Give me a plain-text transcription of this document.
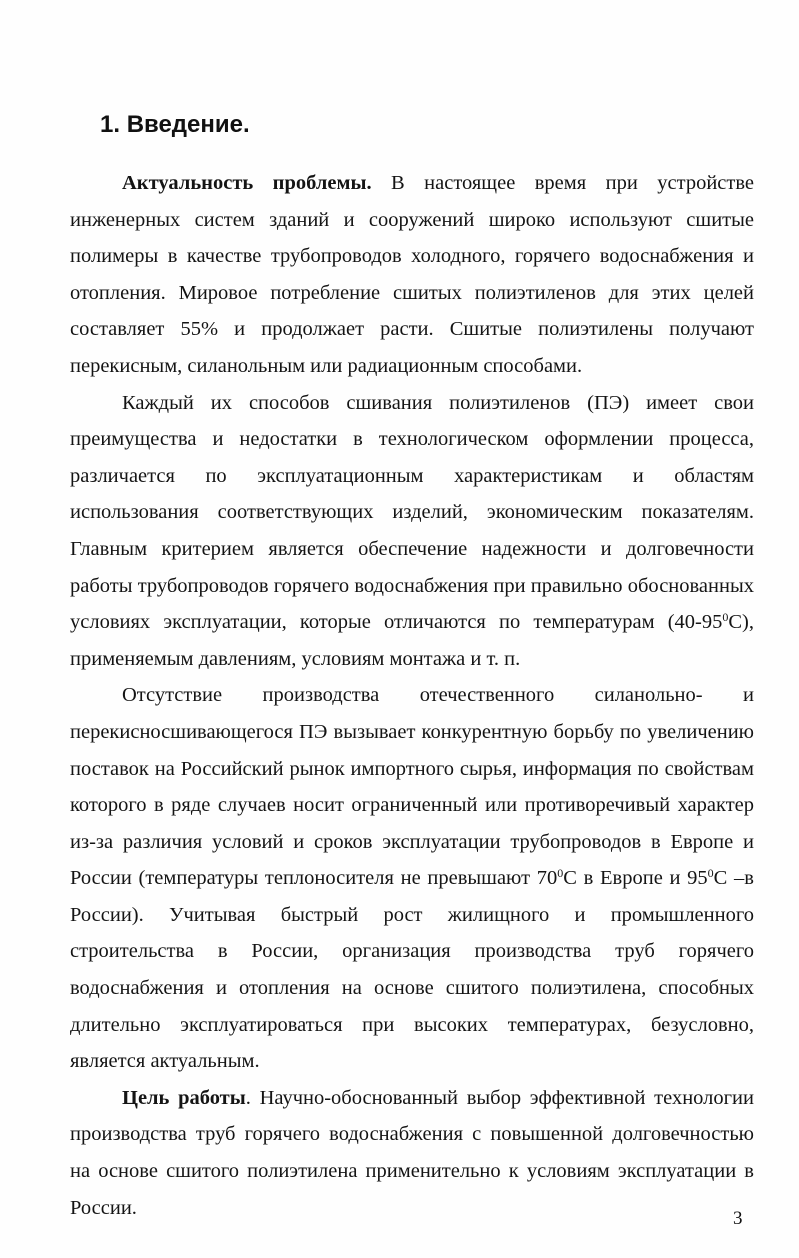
1. Введение.

Актуальность проблемы. В настоящее время при устройстве инженерных систем зданий и сооружений широко используют сшитые полимеры в качестве трубопроводов холодного, горячего водоснабжения и отопления. Мировое потребление сшитых полиэтиленов для этих целей составляет 55% и продолжает расти. Сшитые полиэтилены получают перекисным, силанольным или радиационным способами.

Каждый их способов сшивания полиэтиленов (ПЭ) имеет свои преимущества и недостатки в технологическом оформлении процесса, различается по эксплуатационным характеристикам и областям использования соответствующих изделий, экономическим показателям. Главным критерием является обеспечение надежности и долговечности работы трубопроводов горячего водоснабжения при правильно обоснованных условиях эксплуатации, которые отличаются по температурам $(40-95^0С)$, применяемым давлениям, условиям монтажа и т. п.

Отсутствие производства отечественного силанольно- и перекисносшивающегося ПЭ вызывает конкурентную борьбу по увеличению поставок на Российский рынок импортного сырья, информация по свойствам которого в ряде случаев носит ограниченный или противоречивый характер из-за различия условий и сроков эксплуатации трубопроводов в Европе и России (температуры теплоносителя не превышают $70^0С$ в Европе и $95^0С$ –в России). Учитывая быстрый рост жилищного и промышленного строительства в России, организация производства труб горячего водоснабжения и отопления на основе сшитого полиэтилена, способных длительно эксплуатироваться при высоких температурах, безусловно, является актуальным.

Цель работы. Научно-обоснованный выбор эффективной технологии производства труб горячего водоснабжения с повышенной долговечностью на основе сшитого полиэтилена применительно к условиям эксплуатации в России.	3
